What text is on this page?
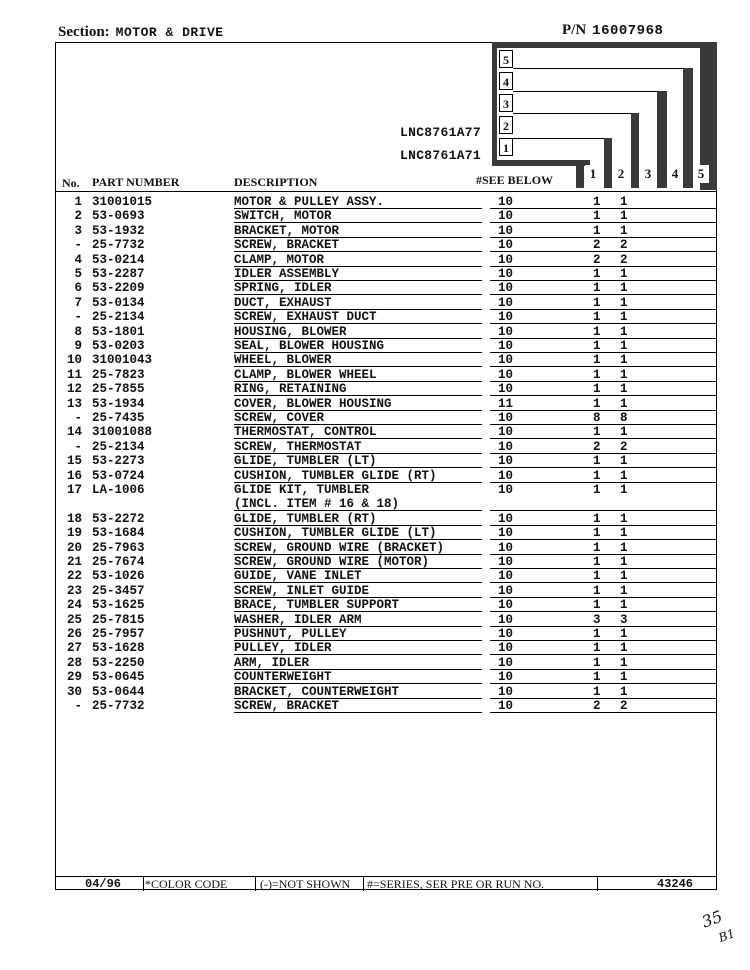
Section: MOTOR & DRIVE	P/N 16007968
5
4
3
2
1
LNC8761A77
LNC8761A71
No. PART NUMBER	DESCRIPTION	#SEE BELOW	1	2	3	4	5
1 31001015	MOTOR & PULLEY ASSY.	10	1 1
2 53-0693	SWITCH, MOTOR	10	1 1
3 53-1932	BRACKET, MOTOR	10	1 1
- 25-7732	SCREW, BRACKET	10	2 2
4 53-0214	CLAMP, MOTOR	10	2 2
5 53-2287	IDLER ASSEMBLY	10	1 1
6 53-2209	SPRING, IDLER	10	1 1
7 53-0134	DUCT, EXHAUST	10	1 1
- 25-2134	SCREW, EXHAUST DUCT	10	1 1
8 53-1801	HOUSING, BLOWER	10	1 1
9 53-0203	SEAL, BLOWER HOUSING	10	1 1
10 31001043	WHEEL, BLOWER	10	1 1
11 25-7823	CLAMP, BLOWER WHEEL	10	1 1
12 25-7855	RING, RETAINING	10	1 1
13 53-1934	COVER, BLOWER HOUSING	11	1 1
- 25-7435	SCREW, COVER	10	8 8
14 31001088	THERMOSTAT, CONTROL	10	1 1
- 25-2134	SCREW, THERMOSTAT	10	2 2
15 53-2273	GLIDE, TUMBLER (LT)	10	1 1
16 53-0724	CUSHION, TUMBLER GLIDE (RT)	10	1 1
17 LA-1006	GLIDE KIT, TUMBLER	10	1 1
(INCL. ITEM # 16 & 18)
18 53-2272	GLIDE, TUMBLER (RT)	10	1 1
19 53-1684	CUSHION, TUMBLER GLIDE (LT)	10	1 1
20 25-7963	SCREW, GROUND WIRE (BRACKET)	10	1 1
21 25-7674	SCREW, GROUND WIRE (MOTOR)	10	1 1
22 53-1026	GUIDE, VANE INLET	10	1 1
23 25-3457	SCREW, INLET GUIDE	10	1 1
24 53-1625	BRACE, TUMBLER SUPPORT	10	1 1
25 25-7815	WASHER, IDLER ARM	10	3 3
26 25-7957	PUSHNUT, PULLEY	10	1 1
27 53-1628	PULLEY, IDLER	10	1 1
28 53-2250	ARM, IDLER	10	1 1
29 53-0645	COUNTERWEIGHT	10	1 1
30 53-0644	BRACKET, COUNTERWEIGHT	10	1 1
- 25-7732	SCREW, BRACKET	10	2 2
04/96 *COLOR CODE	(-)=NOT SHOWN #=SERIES, SER PRE OR RUN NO.	43246
35
B1
